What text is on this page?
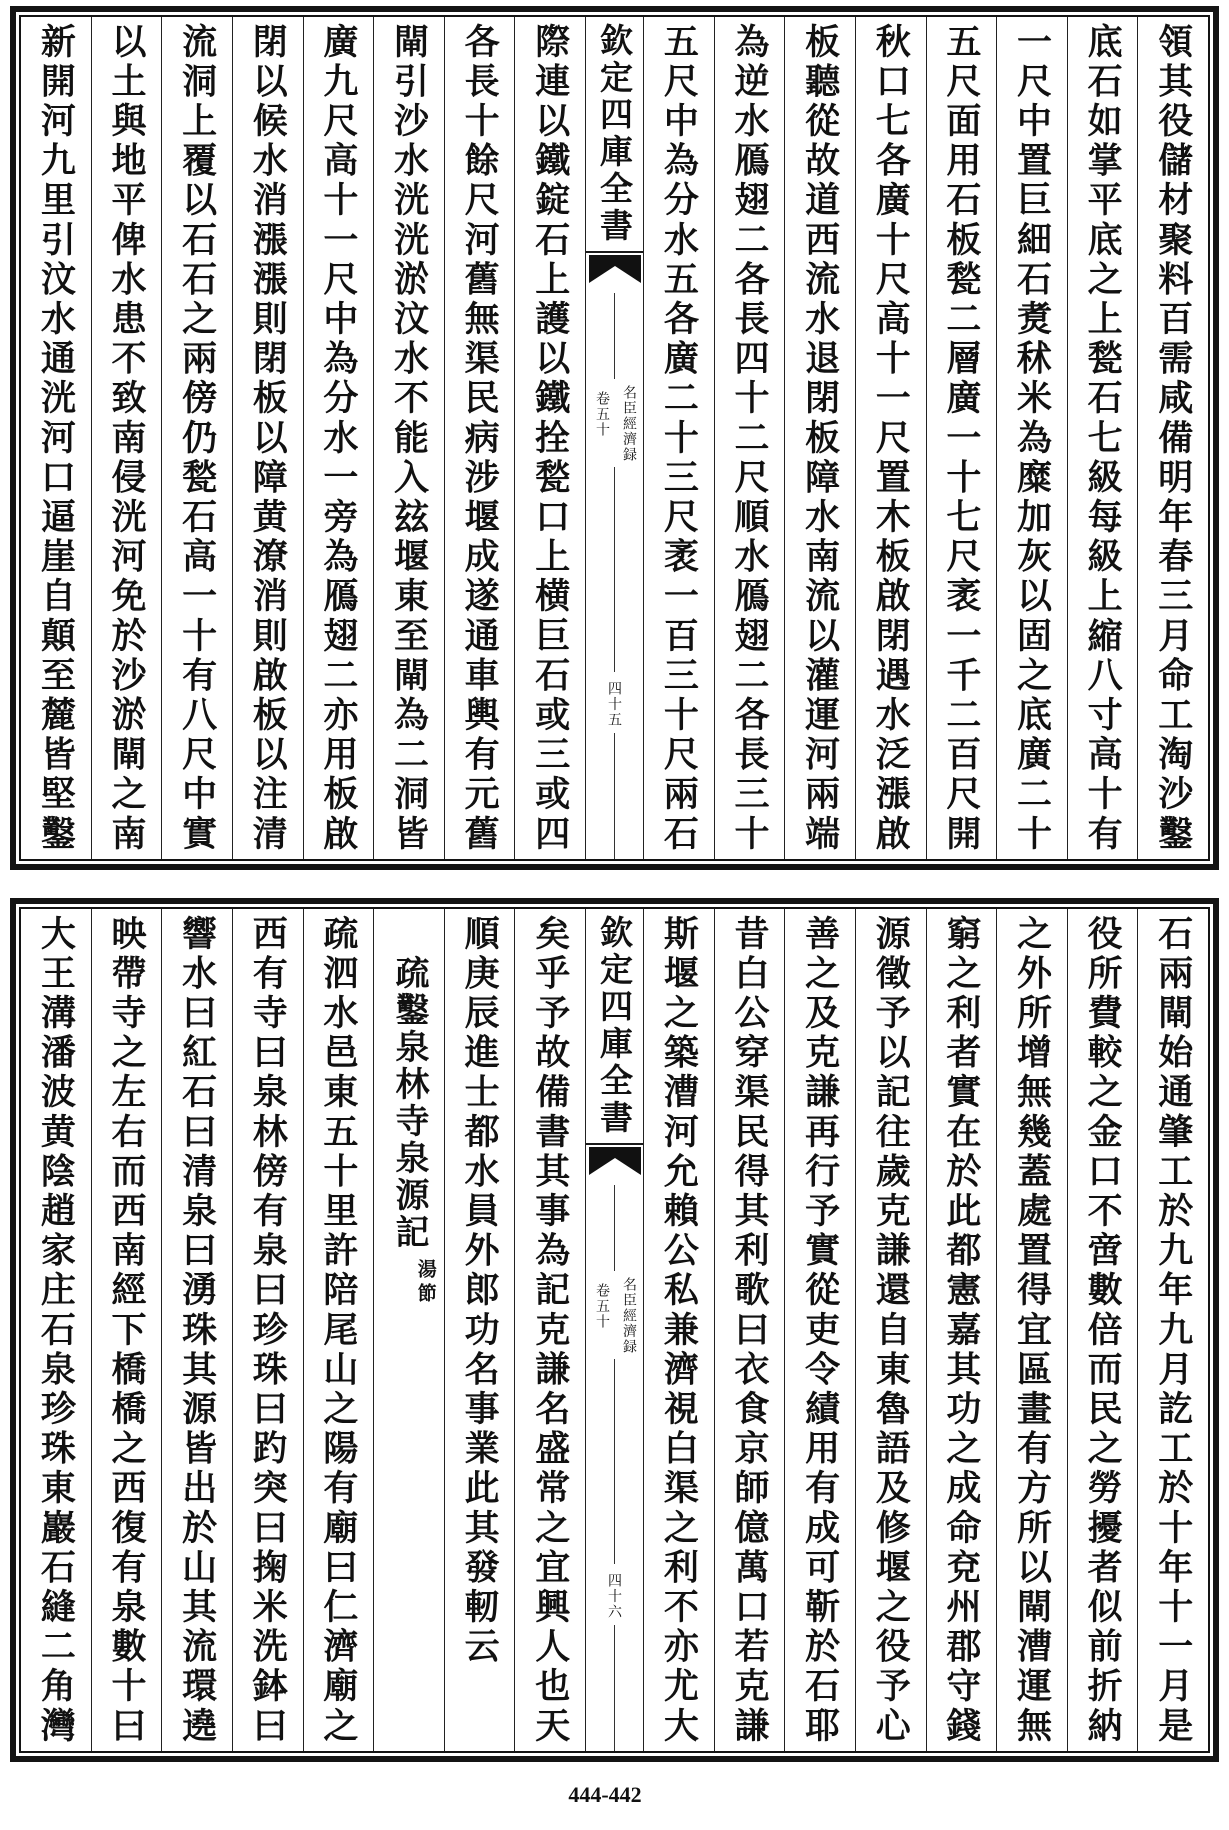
領其役儲材聚料百需咸備明年春三月命工淘沙鑿
底石如掌平底之上甃石七級每級上縮八寸高十有
一尺中置巨細石煑秫米為糜加灰以固之底廣二十
五尺面用石板甃二層廣一十七尺袤一千二百尺開
秋口七各廣十尺高十一尺置木板啟閉遇水泛漲啟
板聽從故道西流水退閉板障水南流以灌運河兩端
為逆水鴈翅二各長四十二尺順水鴈翅二各長三十
五尺中為分水五各廣二十三尺袤一百三十尺兩石
欽定四庫全書
名臣經濟録
卷五十
四十五
際連以鐵錠石上護以鐵拴甃口上横巨石或三或四
各長十餘尺河舊無渠民病涉堰成遂通車輿有元舊
閘引沙水洸洸淤汶水不能入玆堰東至閘為二洞皆
廣九尺高十一尺中為分水一旁為鴈翅二亦用板啟
閉以候水消漲漲則閉板以障黄潦消則啟板以注清
流洞上覆以石石之兩傍仍甃石高一十有八尺中實
以土與地平俾水患不致南侵洸河免於沙淤閘之南
新開河九里引汶水通洸河口逼崖自顛至麓皆堅鑿
石兩閘始通肇工於九年九月訖工於十年十一月是
役所費較之金口不啻數倍而民之勞擾者似前折納
之外所增無幾蓋處置得宜區畫有方所以閘漕運無
窮之利者實在於此都憲嘉其功之成命兗州郡守錢
源徵予以記往歲克謙還自東魯語及修堰之役予心
善之及克謙再行予實從吏令績用有成可靳於石耶
昔白公穿渠民得其利歌曰衣食京師億萬口若克謙
斯堰之築漕河允賴公私兼濟視白渠之利不亦尤大
欽定四庫全書
名臣經濟録
卷五十
四十六
矣乎予故備書其事為記克謙名盛常之宜興人也天
順庚辰進士都水員外郎功名事業此其發軔云
疏鑿泉林寺泉源記
湯節
疏泗水邑東五十里許陪尾山之陽有廟曰仁濟廟之
西有寺曰泉林傍有泉曰珍珠曰趵突曰掬米洗鉢曰
響水曰紅石曰清泉曰湧珠其源皆出於山其流環遶
映帶寺之左右而西南經下橋橋之西復有泉數十曰
大王溝潘波黄陰趙家庄石泉珍珠東巖石縫二角灣
444-442
